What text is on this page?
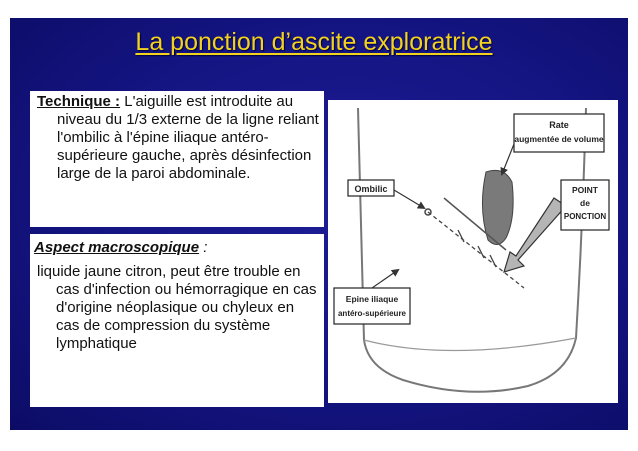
La ponction d’ascite exploratrice

Technique : L'aiguille est introduite au niveau du 1/3 externe de la ligne reliant l'ombilic à l'épine iliaque antéro-supérieure gauche, après désinfection large de la paroi abdominale.

Aspect macroscopique :

liquide jaune citron, peut être trouble en cas d'infection ou hémorragique en cas d'origine néoplasique ou chyleux en cas de compression du système lymphatique

Rate
augmentée de volume
Ombilic	POINT
de
PONCTION
Epine iliaque
antéro-supérieure
14
